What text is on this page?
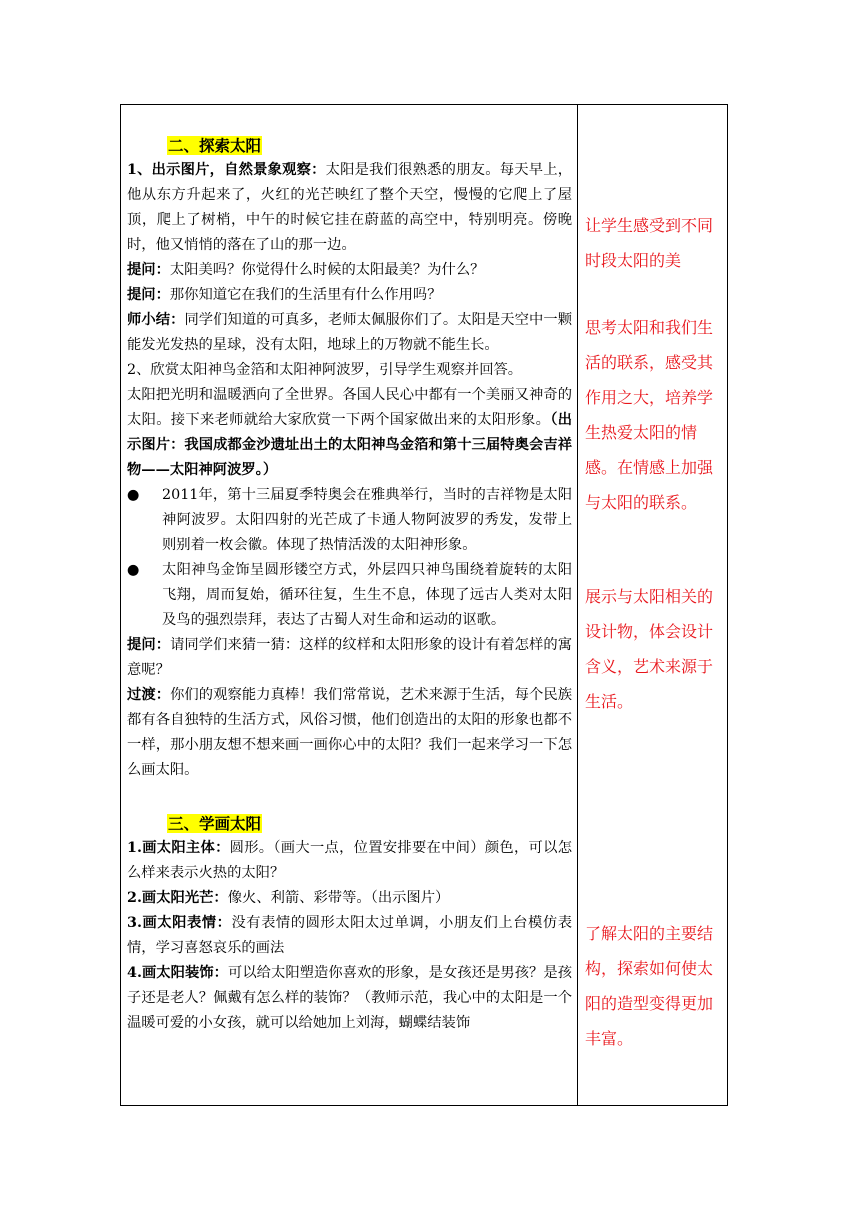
二、探索太阳

1、出示图片，自然景象观察：太阳是我们很熟悉的朋友。每天早上，他从东方升起来了，火红的光芒映红了整个天空，慢慢的它爬上了屋顶，爬上了树梢，中午的时候它挂在蔚蓝的高空中，特别明亮。傍晚时，他又悄悄的落在了山的那一边。

提问：太阳美吗？你觉得什么时候的太阳最美？为什么？

提问：那你知道它在我们的生活里有什么作用吗？

师小结：同学们知道的可真多，老师太佩服你们了。太阳是天空中一颗能发光发热的星球，没有太阳，地球上的万物就不能生长。

2、欣赏太阳神鸟金箔和太阳神阿波罗，引导学生观察并回答。

太阳把光明和温暖洒向了全世界。各国人民心中都有一个美丽又神奇的太阳。接下来老师就给大家欣赏一下两个国家做出来的太阳形象。（出示图片：我国成都金沙遗址出土的太阳神鸟金箔和第十三届特奥会吉祥物——太阳神阿波罗。）

● 2011年，第十三届夏季特奥会在雅典举行，当时的吉祥物是太阳神阿波罗。太阳四射的光芒成了卡通人物阿波罗的秀发，发带上则别着一枚会徽。体现了热情活泼的太阳神形象。

● 太阳神鸟金饰呈圆形镂空方式，外层四只神鸟围绕着旋转的太阳飞翔，周而复始，循环往复，生生不息，体现了远古人类对太阳及鸟的强烈崇拜，表达了古蜀人对生命和运动的讴歌。

提问：请同学们来猜一猜：这样的纹样和太阳形象的设计有着怎样的寓意呢？

过渡：你们的观察能力真棒！我们常常说，艺术来源于生活，每个民族都有各自独特的生活方式，风俗习惯，他们创造出的太阳的形象也都不一样，那小朋友想不想来画一画你心中的太阳？我们一起来学习一下怎么画太阳。

三、学画太阳

1.画太阳主体：圆形。（画大一点，位置安排要在中间）颜色，可以怎么样来表示火热的太阳？

2.画太阳光芒：像火、利箭、彩带等。（出示图片）

3.画太阳表情：没有表情的圆形太阳太过单调，小朋友们上台模仿表情，学习喜怒哀乐的画法

4.画太阳装饰：可以给太阳塑造你喜欢的形象，是女孩还是男孩？是孩子还是老人？佩戴有怎么样的装饰？（教师示范，我心中的太阳是一个温暖可爱的小女孩，就可以给她加上刘海，蝴蝶结装饰

让学生感受到不同时段太阳的美

思考太阳和我们生活的联系，感受其作用之大，培养学生热爱太阳的情感。在情感上加强与太阳的联系。

展示与太阳相关的设计物，体会设计含义，艺术来源于生活。

了解太阳的主要结构，探索如何使太阳的造型变得更加丰富。
